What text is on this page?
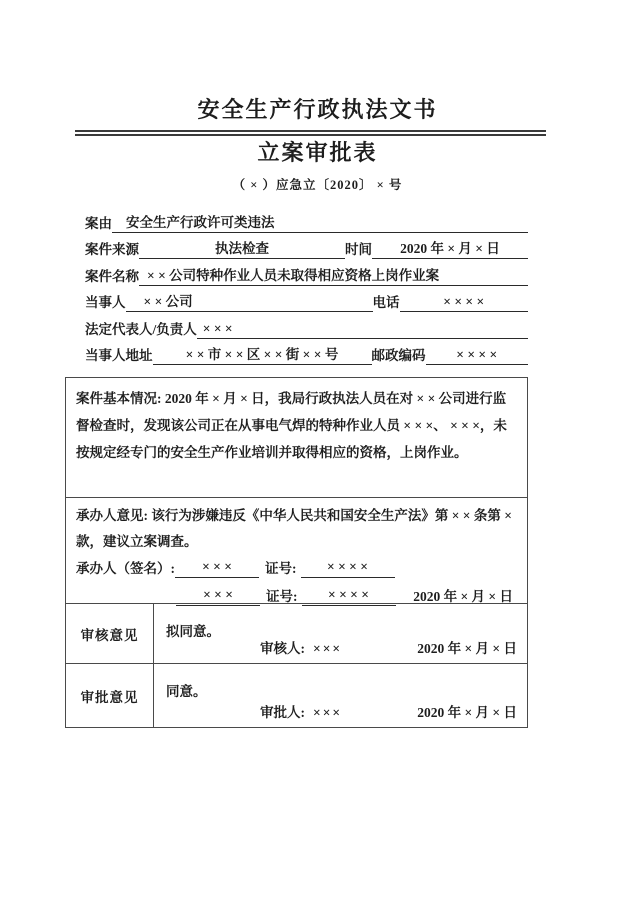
安全生产行政执法文书
立案审批表
（ × ）应急立〔2020〕 × 号
案由	安全生产行政许可类违法
案件来源	执法检查	时间	2020 年 × 月 × 日
案件名称 × × 公司特种作业人员未取得相应资格上岗作业案
当事人	× × 公司	电话	× × × ×
法定代表人/负责人 × × ×
当事人地址	× × 市 × × 区 × × 街 × × 号	邮政编码	× × × ×

案件基本情况: 2020 年 × 月 × 日，我局行政执法人员在对 × × 公司进行监督检查时，发现该公司正在从事电气焊的特种作业人员 × × ×、 × × ×，未按规定经专门的安全生产作业培训并取得相应的资格，上岗作业。

承办人意见: 该行为涉嫌违反《中华人民共和国安全生产法》第 × × 条第 × 款，建议立案调查。

承办人（签名）:	× × ×	证号:	× × × ×
× × ×	证号:	× × × ×	2020 年 × 月 × 日
审核意见	拟同意。
审核人: ×××	2020 年 × 月 × 日
审批意见	同意。
审批人: ×××	2020 年 × 月 × 日
